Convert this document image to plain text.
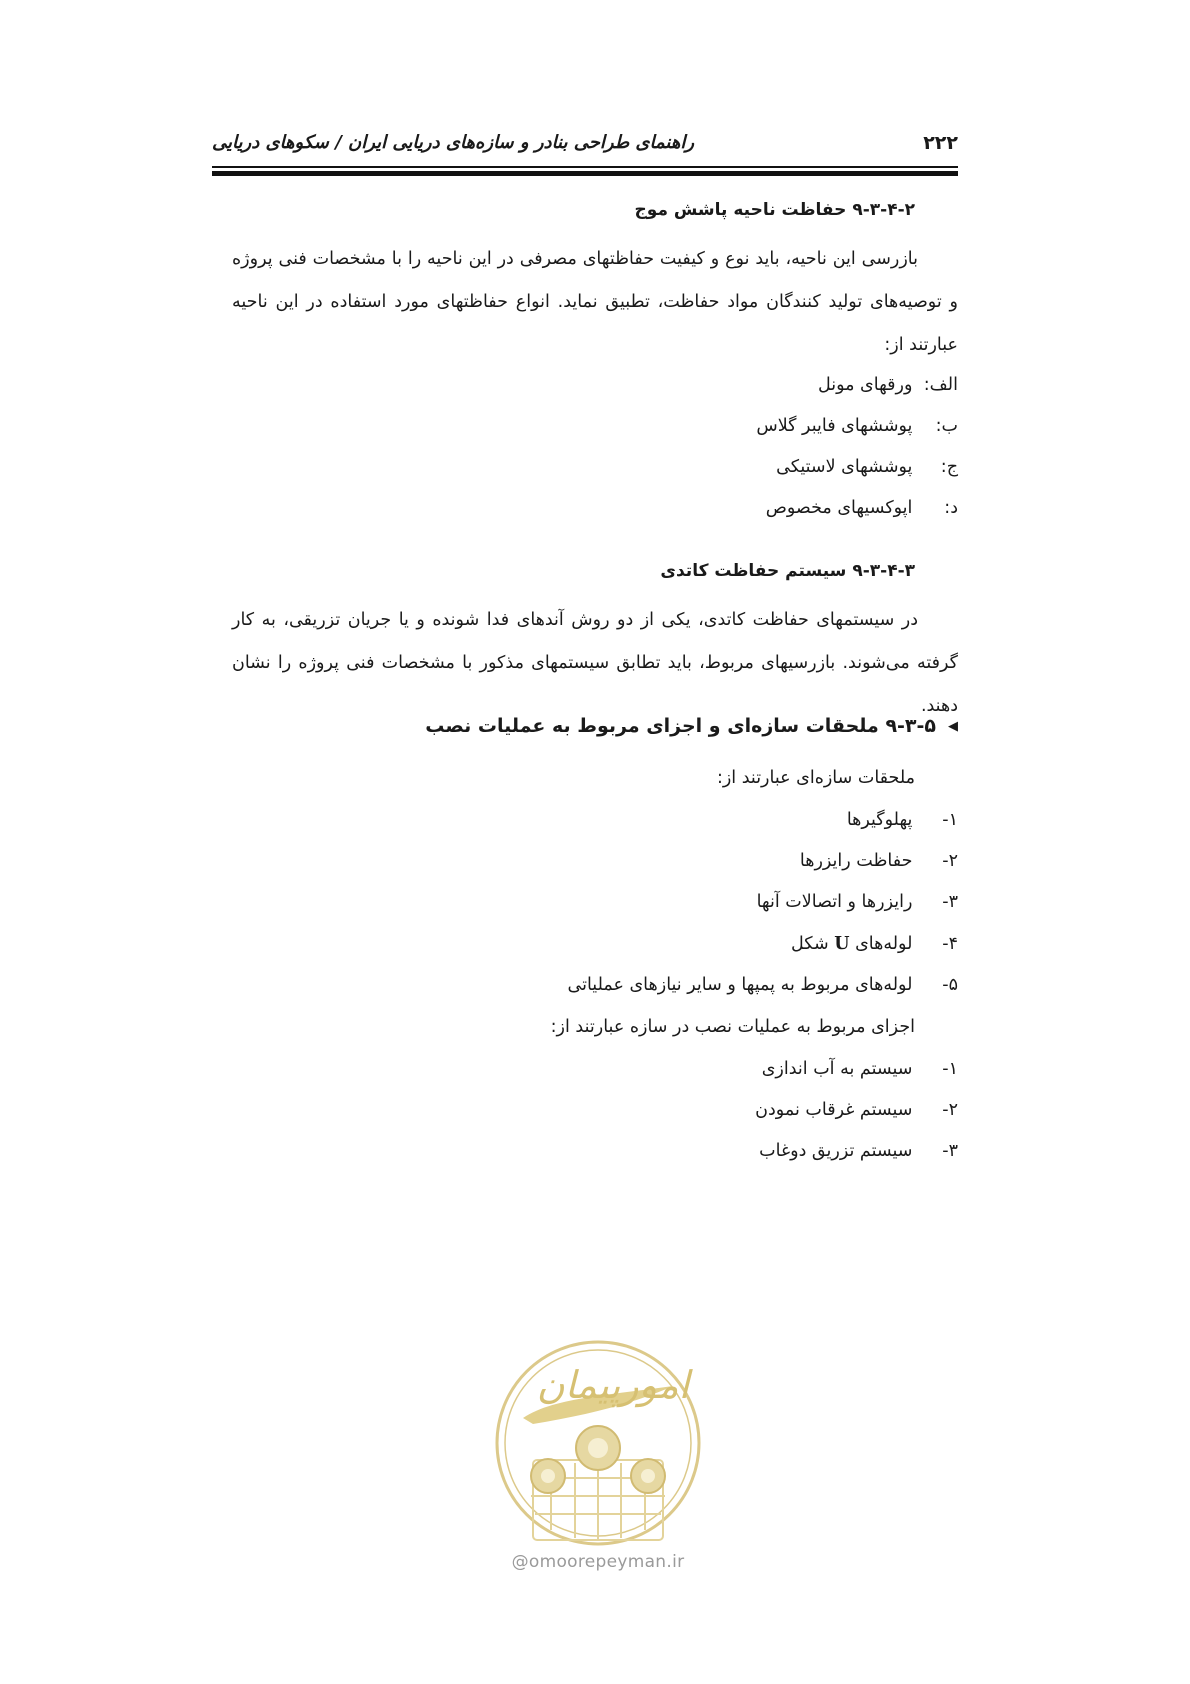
۲۲۲
راهنمای طراحی بنادر و سازه‌های دریایی ایران / سکوهای دریایی
۹-۳-۴-۲ حفاظت ناحیه پاشش موج
بازرسی این ناحیه، باید نوع و کیفیت حفاظتهای مصرفی در این ناحیه را با مشخصات فنی پروژه و توصیه‌های تولید کنندگان مواد حفاظت، تطبیق نماید. انواع حفاظتهای مورد استفاده در این ناحیه عبارتند از:
الف: ورقهای مونل
ب: پوششهای فایبر گلاس
ج: پوششهای لاستیکی
د: اپوکسیهای مخصوص
۹-۳-۴-۳ سیستم حفاظت کاتدی
در سیستمهای حفاظت کاتدی، یکی از دو روش آندهای فدا شونده و یا جریان تزریقی، به کار گرفته می‌شوند. بازرسیهای مربوط، باید تطابق سیستمهای مذکور با مشخصات فنی پروژه را نشان دهند.
◀۹-۳-۵ ملحقات سازه‌ای و اجزای مربوط به عملیات نصب
ملحقات سازه‌ای عبارتند از:
۱- پهلوگیرها
۲- حفاظت رایزرها
۳- رایزرها و اتصالات آنها
۴- لوله‌های U شکل
۵- لوله‌های مربوط به پمپها و سایر نیازهای عملیاتی
اجزای مربوط به عملیات نصب در سازه عبارتند از:
۱- سیستم به آب اندازی
۲- سیستم غرقاب نمودن
۳- سیستم تزریق دوغاب
امورپیمان
@omoorepeyman.ir
